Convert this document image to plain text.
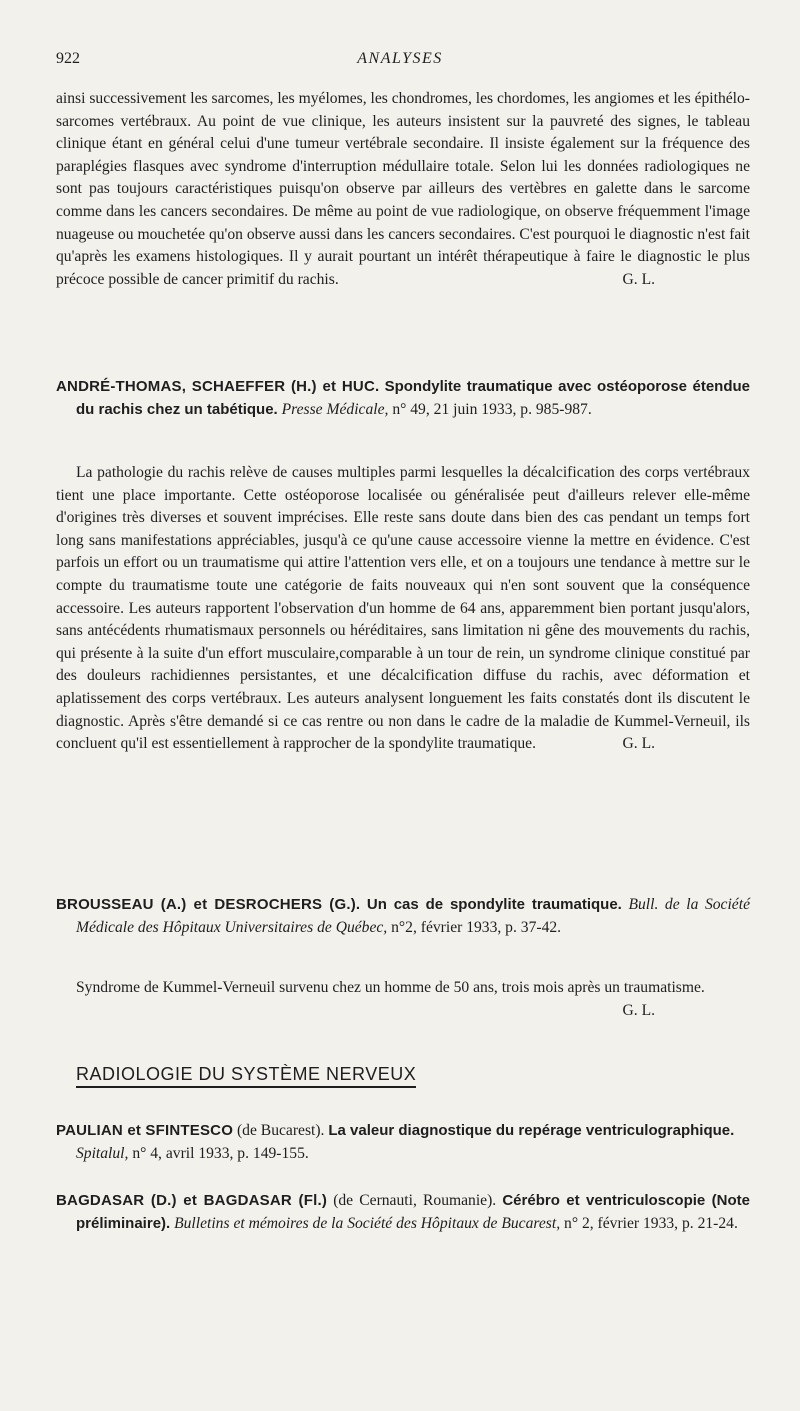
922	ANALYSES

ainsi successivement les sarcomes, les myélomes, les chondromes, les chordomes, les angiomes et les épithélo-sarcomes vertébraux. Au point de vue clinique, les auteurs insistent sur la pauvreté des signes, le tableau clinique étant en général celui d'une tumeur vertébrale secondaire. Il insiste également sur la fréquence des paraplégies flasques avec syndrome d'interruption médullaire totale. Selon lui les données radiologiques ne sont pas toujours caractéristiques puisqu'on observe par ailleurs des vertèbres en galette dans le sarcome comme dans les cancers secondaires. De même au point de vue radiologique, on observe fréquemment l'image nuageuse ou mouchetée qu'on observe aussi dans les cancers secondaires. C'est pourquoi le diagnostic n'est fait qu'après les examens histologiques. Il y aurait pourtant un intérêt thérapeutique à faire le diagnostic le plus précoce possible de cancer primitif du rachis.	G. L.

ANDRÉ-THOMAS, SCHAEFFER (H.) et HUC. Spondylite traumatique avec ostéoporose étendue du rachis chez un tabétique. Presse Médicale, n° 49, 21 juin 1933, p. 985-987.

La pathologie du rachis relève de causes multiples parmi lesquelles la décalcification des corps vertébraux tient une place importante. Cette ostéoporose localisée ou généralisée peut d'ailleurs relever elle-même d'origines très diverses et souvent imprécises. Elle reste sans doute dans bien des cas pendant un temps fort long sans manifestations appréciables, jusqu'à ce qu'une cause accessoire vienne la mettre en évidence. C'est parfois un effort ou un traumatisme qui attire l'attention vers elle, et on a toujours une tendance à mettre sur le compte du traumatisme toute une catégorie de faits nouveaux qui n'en sont souvent que la conséquence accessoire. Les auteurs rapportent l'observation d'un homme de 64 ans, apparemment bien portant jusqu'alors, sans antécédents rhumatismaux personnels ou héréditaires, sans limitation ni gêne des mouvements du rachis, qui présente à la suite d'un effort musculaire,comparable à un tour de rein, un syndrome clinique constitué par des douleurs rachidiennes persistantes, et une décalcification diffuse du rachis, avec déformation et aplatissement des corps vertébraux. Les auteurs analysent longuement les faits constatés dont ils discutent le diagnostic. Après s'être demandé si ce cas rentre ou non dans le cadre de la maladie de Kummel-Verneuil, ils concluent qu'il est essentiellement à rapprocher de la spondylite traumatique.	G. L.

BROUSSEAU (A.) et DESROCHERS (G.). Un cas de spondylite traumatique. Bull. de la Société Médicale des Hôpitaux Universitaires de Québec, n°2, février 1933, p. 37-42.

Syndrome de Kummel-Verneuil survenu chez un homme de 50 ans, trois mois après un traumatisme.
G. L.

RADIOLOGIE DU SYSTÈME NERVEUX

PAULIAN et SFINTESCO (de Bucarest). La valeur diagnostique du repérage ventriculographique. Spitalul, n° 4, avril 1933, p. 149-155.

BAGDASAR (D.) et BAGDASAR (Fl.) (de Cernauti, Roumanie). Cérébro et ventriculoscopie (Note préliminaire). Bulletins et mémoires de la Société des Hôpitaux de Bucarest, n° 2, février 1933, p. 21-24.
